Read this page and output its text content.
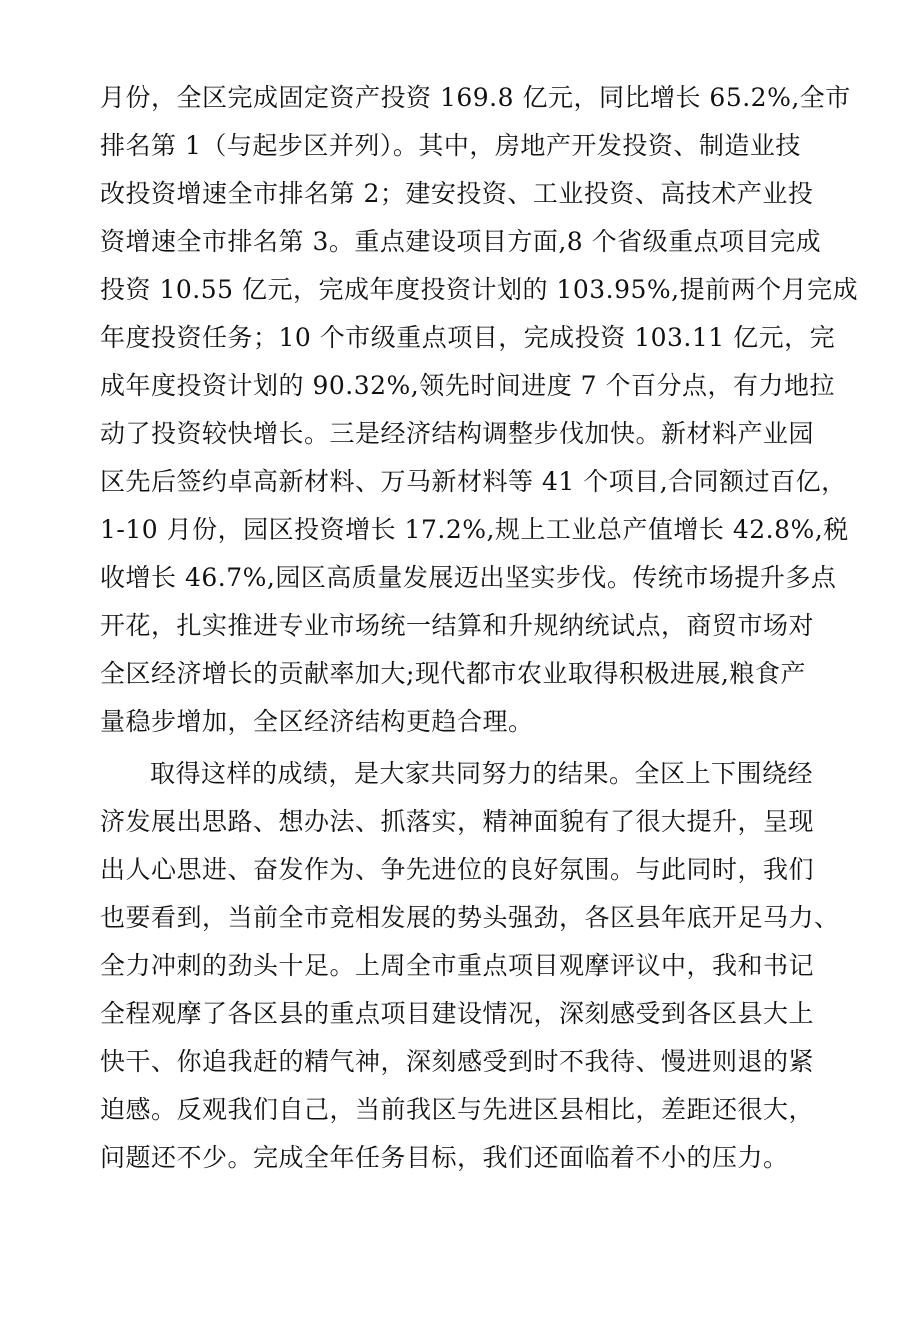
月份，全区完成固定资产投资 169.8 亿元，同比增长 65.2%,全市
排名第 1（与起步区并列）。其中，房地产开发投资、制造业技
改投资增速全市排名第 2；建安投资、工业投资、高技术产业投
资增速全市排名第 3。重点建设项目方面,8 个省级重点项目完成
投资 10.55 亿元，完成年度投资计划的 103.95%,提前两个月完成
年度投资任务；10 个市级重点项目，完成投资 103.11 亿元，完
成年度投资计划的 90.32%,领先时间进度 7 个百分点，有力地拉
动了投资较快增长。三是经济结构调整步伐加快。新材料产业园
区先后签约卓高新材料、万马新材料等 41 个项目,合同额过百亿，
1-10 月份，园区投资增长 17.2%,规上工业总产值增长 42.8%,税
收增长 46.7%,园区高质量发展迈出坚实步伐。传统市场提升多点
开花，扎实推进专业市场统一结算和升规纳统试点，商贸市场对
全区经济增长的贡献率加大;现代都市农业取得积极进展,粮食产
量稳步增加，全区经济结构更趋合理。
取得这样的成绩，是大家共同努力的结果。全区上下围绕经
济发展出思路、想办法、抓落实，精神面貌有了很大提升，呈现
出人心思进、奋发作为、争先进位的良好氛围。与此同时，我们
也要看到，当前全市竞相发展的势头强劲，各区县年底开足马力、
全力冲刺的劲头十足。上周全市重点项目观摩评议中，我和书记
全程观摩了各区县的重点项目建设情况，深刻感受到各区县大上
快干、你追我赶的精气神，深刻感受到时不我待、慢进则退的紧
迫感。反观我们自己，当前我区与先进区县相比，差距还很大，
问题还不少。完成全年任务目标，我们还面临着不小的压力。
